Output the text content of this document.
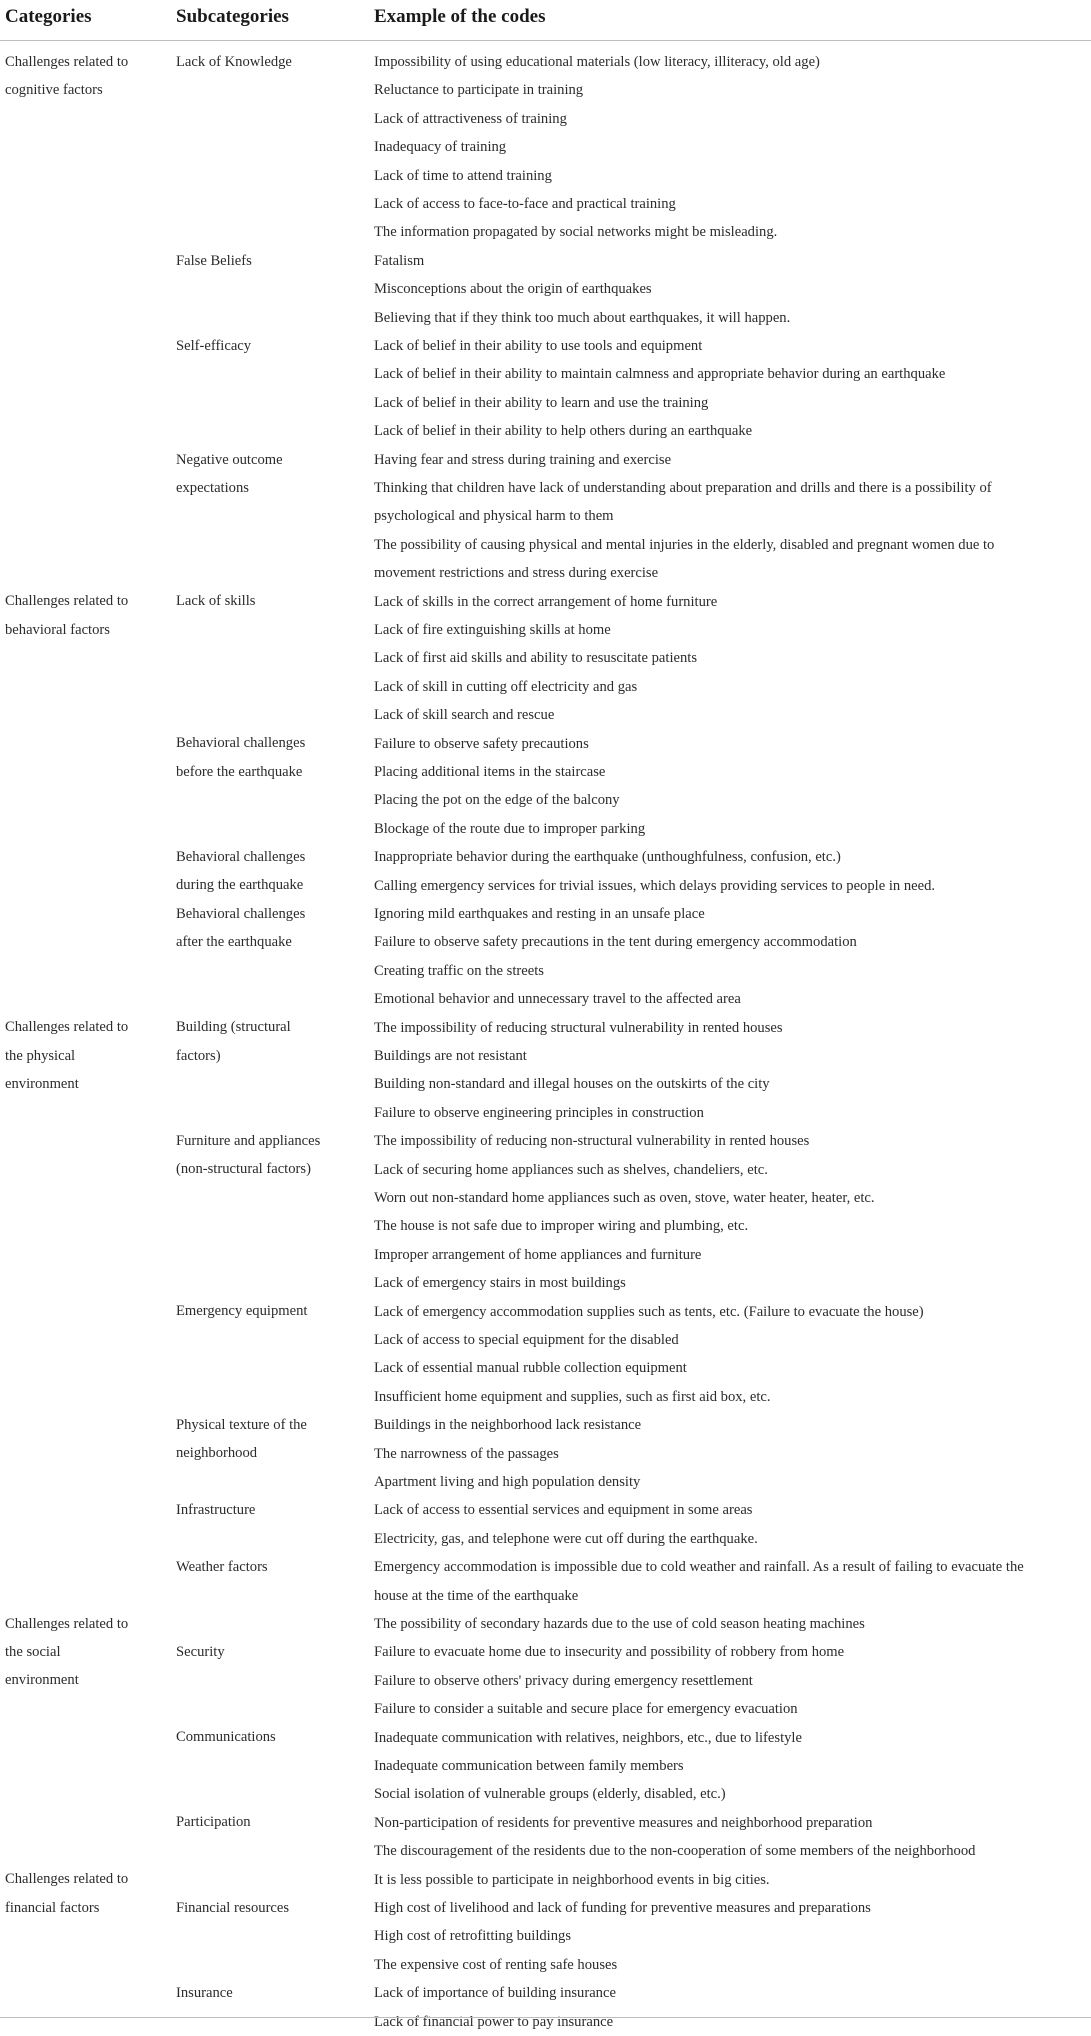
Categories	Subcategories	Example of the codes
Challenges related to
cognitive factors
Challenges related to
behavioral factors
Challenges related to
the physical
environment
Challenges related to
the social
environment
Challenges related to
financial factors
Lack of Knowledge
False Beliefs
Self-efficacy
Negative outcome
expectations
Lack of skills
Behavioral challenges
before the earthquake
Behavioral challenges
during the earthquake
Behavioral challenges
after the earthquake
Building (structural
factors)
Furniture and appliances
(non-structural factors)
Emergency equipment
Physical texture of the
neighborhood
Infrastructure
Weather factors
Security
Communications
Participation
Financial resources
Insurance
Impossibility of using educational materials (low literacy, illiteracy, old age)
Reluctance to participate in training
Lack of attractiveness of training
Inadequacy of training
Lack of time to attend training
Lack of access to face-to-face and practical training
The information propagated by social networks might be misleading.
Fatalism
Misconceptions about the origin of earthquakes
Believing that if they think too much about earthquakes, it will happen.
Lack of belief in their ability to use tools and equipment
Lack of belief in their ability to maintain calmness and appropriate behavior during an earthquake
Lack of belief in their ability to learn and use the training
Lack of belief in their ability to help others during an earthquake
Having fear and stress during training and exercise
Thinking that children have lack of understanding about preparation and drills and there is a possibility of
psychological and physical harm to them
The possibility of causing physical and mental injuries in the elderly, disabled and pregnant women due to
movement restrictions and stress during exercise
Lack of skills in the correct arrangement of home furniture
Lack of fire extinguishing skills at home
Lack of first aid skills and ability to resuscitate patients
Lack of skill in cutting off electricity and gas
Lack of skill search and rescue
Failure to observe safety precautions
Placing additional items in the staircase
Placing the pot on the edge of the balcony
Blockage of the route due to improper parking
Inappropriate behavior during the earthquake (unthoughfulness, confusion, etc.)
Calling emergency services for trivial issues, which delays providing services to people in need.
Ignoring mild earthquakes and resting in an unsafe place
Failure to observe safety precautions in the tent during emergency accommodation
Creating traffic on the streets
Emotional behavior and unnecessary travel to the affected area
The impossibility of reducing structural vulnerability in rented houses
Buildings are not resistant
Building non-standard and illegal houses on the outskirts of the city
Failure to observe engineering principles in construction
The impossibility of reducing non-structural vulnerability in rented houses
Lack of securing home appliances such as shelves, chandeliers, etc.
Worn out non-standard home appliances such as oven, stove, water heater, heater, etc.
The house is not safe due to improper wiring and plumbing, etc.
Improper arrangement of home appliances and furniture
Lack of emergency stairs in most buildings
Lack of emergency accommodation supplies such as tents, etc. (Failure to evacuate the house)
Lack of access to special equipment for the disabled
Lack of essential manual rubble collection equipment
Insufficient home equipment and supplies, such as first aid box, etc.
Buildings in the neighborhood lack resistance
The narrowness of the passages
Apartment living and high population density
Lack of access to essential services and equipment in some areas
Electricity, gas, and telephone were cut off during the earthquake.
Emergency accommodation is impossible due to cold weather and rainfall. As a result of failing to evacuate the
house at the time of the earthquake
The possibility of secondary hazards due to the use of cold season heating machines
Failure to evacuate home due to insecurity and possibility of robbery from home
Failure to observe others' privacy during emergency resettlement
Failure to consider a suitable and secure place for emergency evacuation
Inadequate communication with relatives, neighbors, etc., due to lifestyle
Inadequate communication between family members
Social isolation of vulnerable groups (elderly, disabled, etc.)
Non-participation of residents for preventive measures and neighborhood preparation
The discouragement of the residents due to the non-cooperation of some members of the neighborhood
It is less possible to participate in neighborhood events in big cities.
High cost of livelihood and lack of funding for preventive measures and preparations
High cost of retrofitting buildings
The expensive cost of renting safe houses
Lack of importance of building insurance
Lack of financial power to pay insurance
